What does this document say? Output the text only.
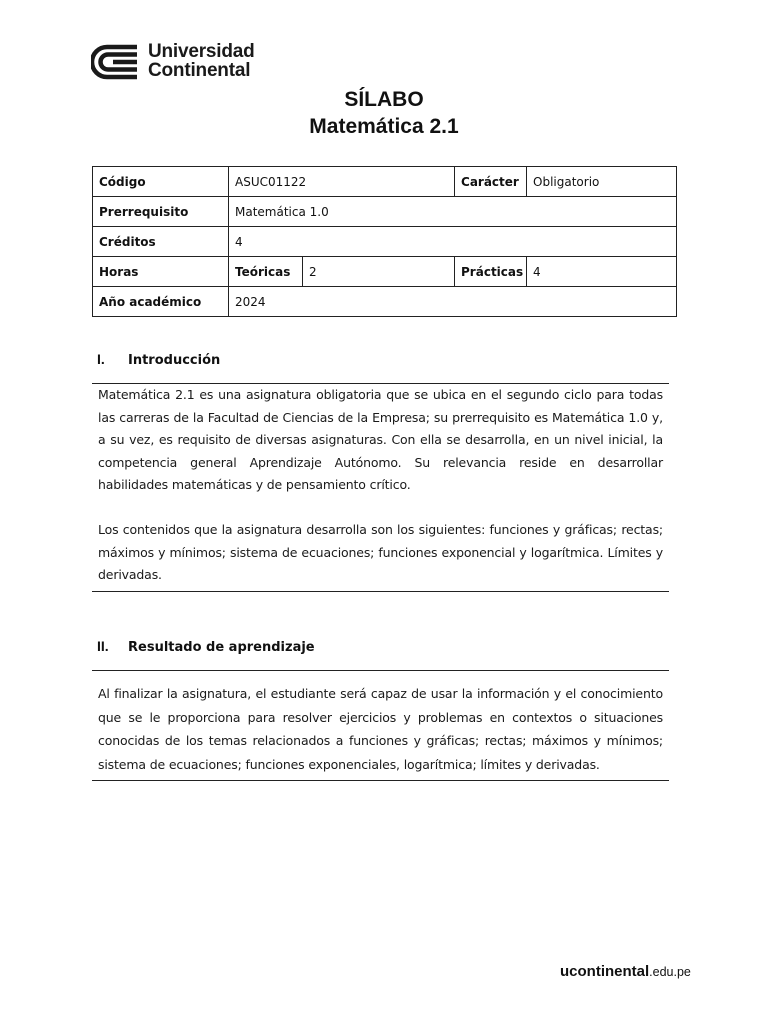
Universidad
Continental
SÍLABO
Matemática 2.1
Código	ASUC01122		Carácter	Obligatorio
Prerrequisito	Matemática 1.0			
Créditos	4			
Horas	Teóricas	2	Prácticas	4
Año académico	2024			
I. Introducción

Matemática 2.1 es una asignatura obligatoria que se ubica en el segundo ciclo para todas las carreras de la Facultad de Ciencias de la Empresa; su prerrequisito es Matemática 1.0 y, a su vez, es requisito de diversas asignaturas. Con ella se desarrolla, en un nivel inicial, la competencia general Aprendizaje Autónomo. Su relevancia reside en desarrollar habilidades matemáticas y de pensamiento crítico.

Los contenidos que la asignatura desarrolla son los siguientes: funciones y gráficas; rectas; máximos y mínimos; sistema de ecuaciones; funciones exponencial y logarítmica. Límites y derivadas.

II. Resultado de aprendizaje

Al finalizar la asignatura, el estudiante será capaz de usar la información y el conocimiento que se le proporciona para resolver ejercicios y problemas en contextos o situaciones conocidas de los temas relacionados a funciones y gráficas; rectas; máximos y mínimos; sistema de ecuaciones; funciones exponenciales, logarítmica; límites y derivadas.

ucontinental.edu.pe
